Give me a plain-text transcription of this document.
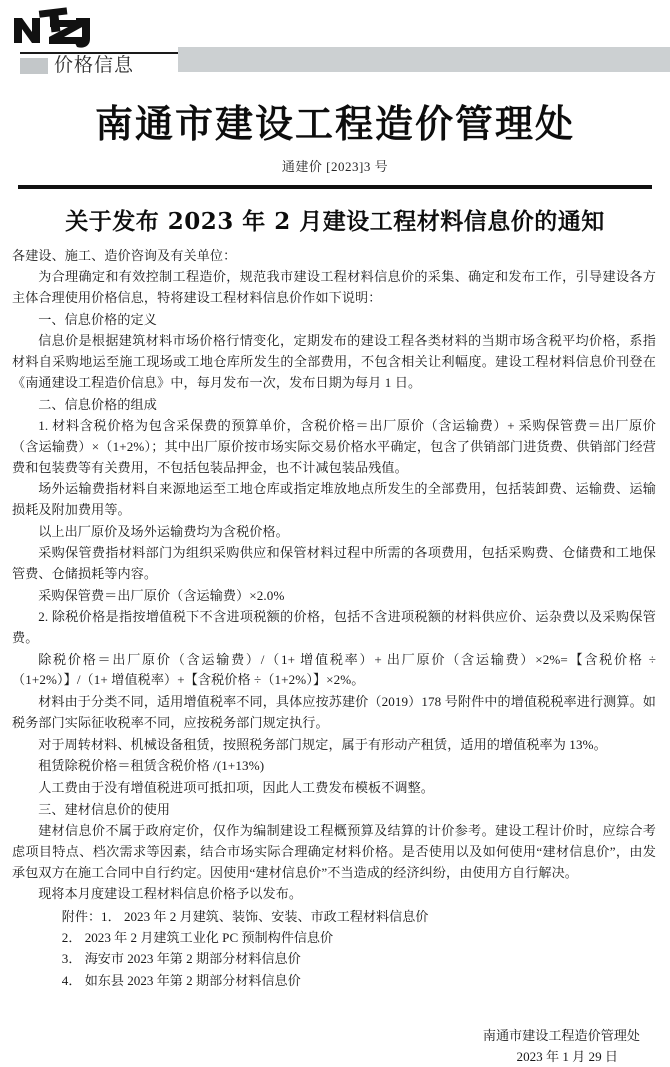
价格信息
南通市建设工程造价管理处
通建价 [2023]3 号
关于发布 2023 年 2 月建设工程材料信息价的通知

各建设、施工、造价咨询及有关单位：

为合理确定和有效控制工程造价，规范我市建设工程材料信息价的采集、确定和发布工作，引导建设各方主体合理使用价格信息，特将建设工程材料信息价作如下说明：

一、信息价格的定义

信息价是根据建筑材料市场价格行情变化，定期发布的建设工程各类材料的当期市场含税平均价格，系指材料自采购地运至施工现场或工地仓库所发生的全部费用，不包含相关让利幅度。建设工程材料信息价刊登在《南通建设工程造价信息》中，每月发布一次，发布日期为每月 1 日。

二、信息价格的组成

1. 材料含税价格为包含采保费的预算单价，含税价格＝出厂原价（含运输费）+ 采购保管费＝出厂原价（含运输费）×（1+2%）；其中出厂原价按市场实际交易价格水平确定，包含了供销部门进货费、供销部门经营费和包装费等有关费用，不包括包装品押金，也不计减包装品残值。

场外运输费指材料自来源地运至工地仓库或指定堆放地点所发生的全部费用，包括装卸费、运输费、运输损耗及附加费用等。

以上出厂原价及场外运输费均为含税价格。

采购保管费指材料部门为组织采购供应和保管材料过程中所需的各项费用，包括采购费、仓储费和工地保管费、仓储损耗等内容。

采购保管费＝出厂原价（含运输费）×2.0%

2. 除税价格是指按增值税下不含进项税额的价格，包括不含进项税额的材料供应价、运杂费以及采购保管费。

除税价格＝出厂原价（含运输费）/（1+ 增值税率）+ 出厂原价（含运输费）×2%=【含税价格 ÷（1+2%）】/（1+ 增值税率）+【含税价格 ÷（1+2%）】×2%。

材料由于分类不同，适用增值税率不同，具体应按苏建价（2019）178 号附件中的增值税税率进行测算。如税务部门实际征收税率不同，应按税务部门规定执行。

对于周转材料、机械设备租赁，按照税务部门规定，属于有形动产租赁，适用的增值税率为 13%。

租赁除税价格＝租赁含税价格 /(1+13%)

人工费由于没有增值税进项可抵扣项，因此人工费发布模板不调整。

三、建材信息价的使用

建材信息价不属于政府定价，仅作为编制建设工程概预算及结算的计价参考。建设工程计价时，应综合考虑项目特点、档次需求等因素，结合市场实际合理确定材料价格。是否使用以及如何使用“建材信息价”，由发承包双方在施工合同中自行约定。因使用“建材信息价”不当造成的经济纠纷，由使用方自行解决。

现将本月度建设工程材料信息价格予以发布。

附件：1． 2023 年 2 月建筑、装饰、安装、市政工程材料信息价
2． 2023 年 2 月建筑工业化 PC 预制构件信息价
3． 海安市 2023 年第 2 期部分材料信息价
4． 如东县 2023 年第 2 期部分材料信息价
南通市建设工程造价管理处
2023 年 1 月 29 日
